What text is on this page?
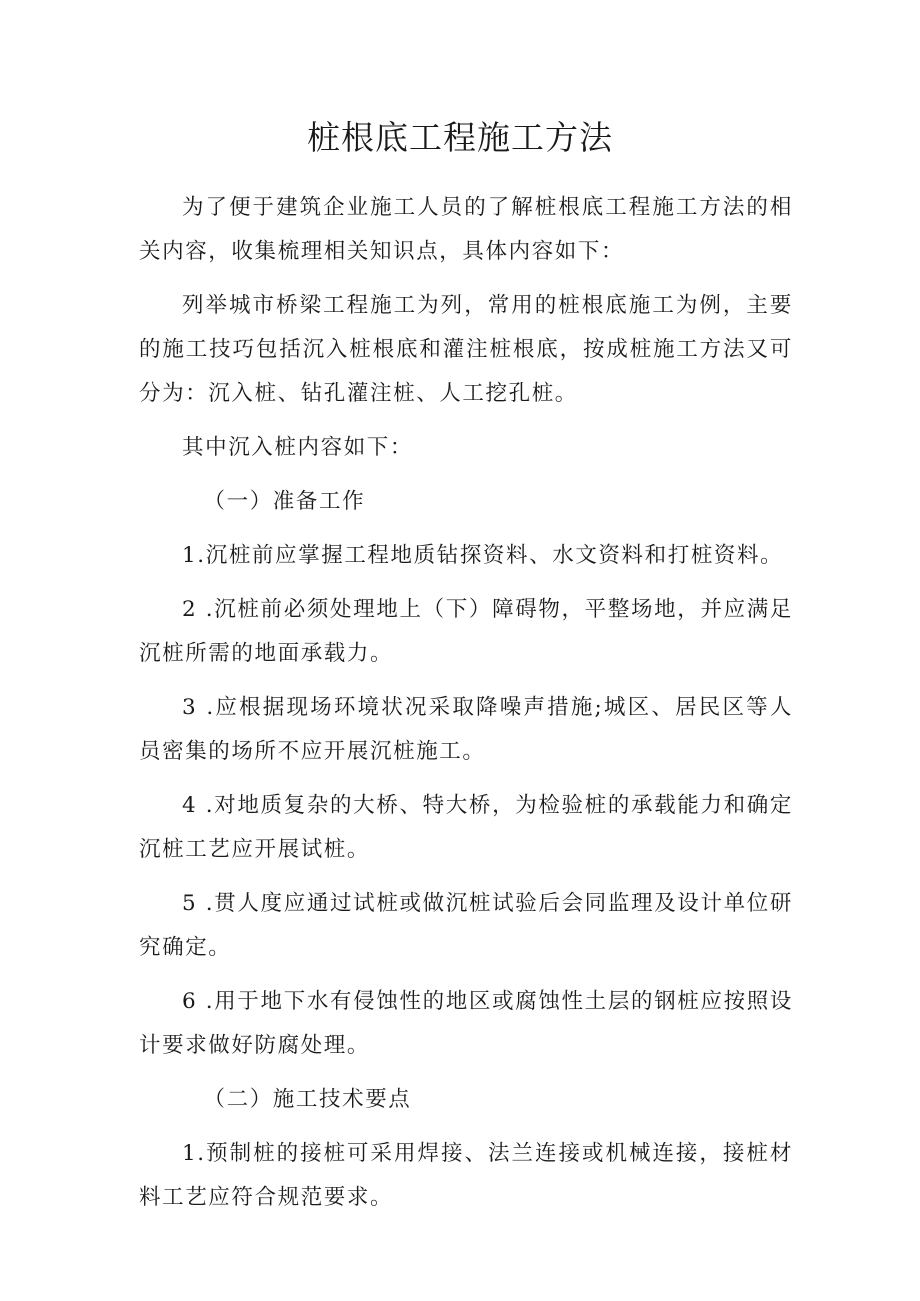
桩根底工程施工方法

为了便于建筑企业施工人员的了解桩根底工程施工方法的相关内容，收集梳理相关知识点，具体内容如下：

列举城市桥梁工程施工为列，常用的桩根底施工为例，主要的施工技巧包括沉入桩根底和灌注桩根底，按成桩施工方法又可分为：沉入桩、钻孔灌注桩、人工挖孔桩。

其中沉入桩内容如下：

（一）准备工作

1.沉桩前应掌握工程地质钻探资料、水文资料和打桩资料。

2 .沉桩前必须处理地上（下）障碍物，平整场地，并应满足沉桩所需的地面承载力。

3 .应根据现场环境状况采取降噪声措施;城区、居民区等人员密集的场所不应开展沉桩施工。

4 .对地质复杂的大桥、特大桥，为检验桩的承载能力和确定沉桩工艺应开展试桩。

5 .贯人度应通过试桩或做沉桩试验后会同监理及设计单位研究确定。

6 .用于地下水有侵蚀性的地区或腐蚀性土层的钢桩应按照设计要求做好防腐处理。

（二）施工技术要点

1.预制桩的接桩可采用焊接、法兰连接或机械连接，接桩材料工艺应符合规范要求。
